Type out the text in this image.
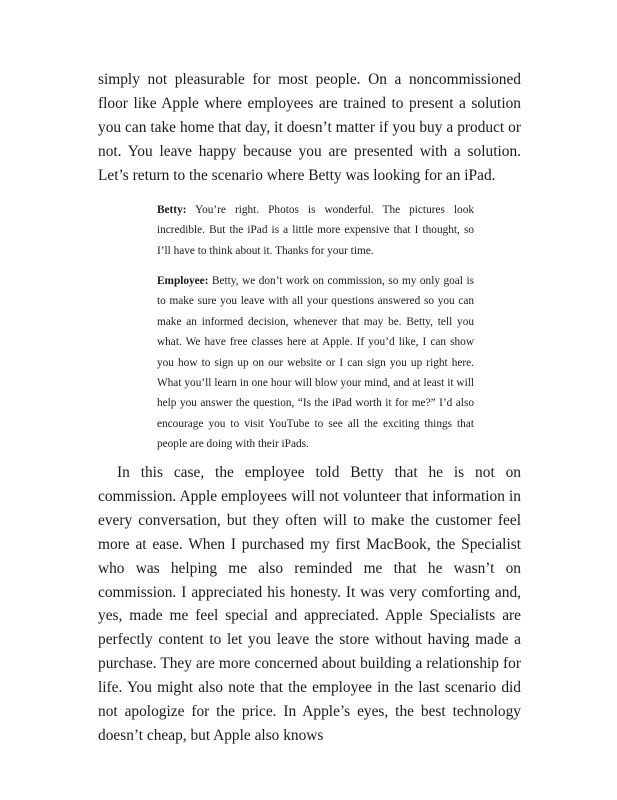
simply not pleasurable for most people. On a noncommissioned floor like Apple where employees are trained to present a solution you can take home that day, it doesn’t matter if you buy a product or not. You leave happy because you are presented with a solution. Let’s return to the scenario where Betty was looking for an iPad.

Betty: You’re right. Photos is wonderful. The pictures look incredible. But the iPad is a little more expensive that I thought, so I’ll have to think about it. Thanks for your time.

Employee: Betty, we don’t work on commission, so my only goal is to make sure you leave with all your questions answered so you can make an informed decision, whenever that may be. Betty, tell you what. We have free classes here at Apple. If you’d like, I can show you how to sign up on our website or I can sign you up right here. What you’ll learn in one hour will blow your mind, and at least it will help you answer the question, “Is the iPad worth it for me?” I’d also encourage you to visit YouTube to see all the exciting things that people are doing with their iPads.

In this case, the employee told Betty that he is not on commission. Apple employees will not volunteer that information in every conversation, but they often will to make the customer feel more at ease. When I purchased my first MacBook, the Specialist who was helping me also reminded me that he wasn’t on commission. I appreciated his honesty. It was very comforting and, yes, made me feel special and appreciated. Apple Specialists are perfectly content to let you leave the store without having made a purchase. They are more concerned about building a relationship for life. You might also note that the employee in the last scenario did not apologize for the price. In Apple’s eyes, the best technology doesn’t cheap, but Apple also knows
